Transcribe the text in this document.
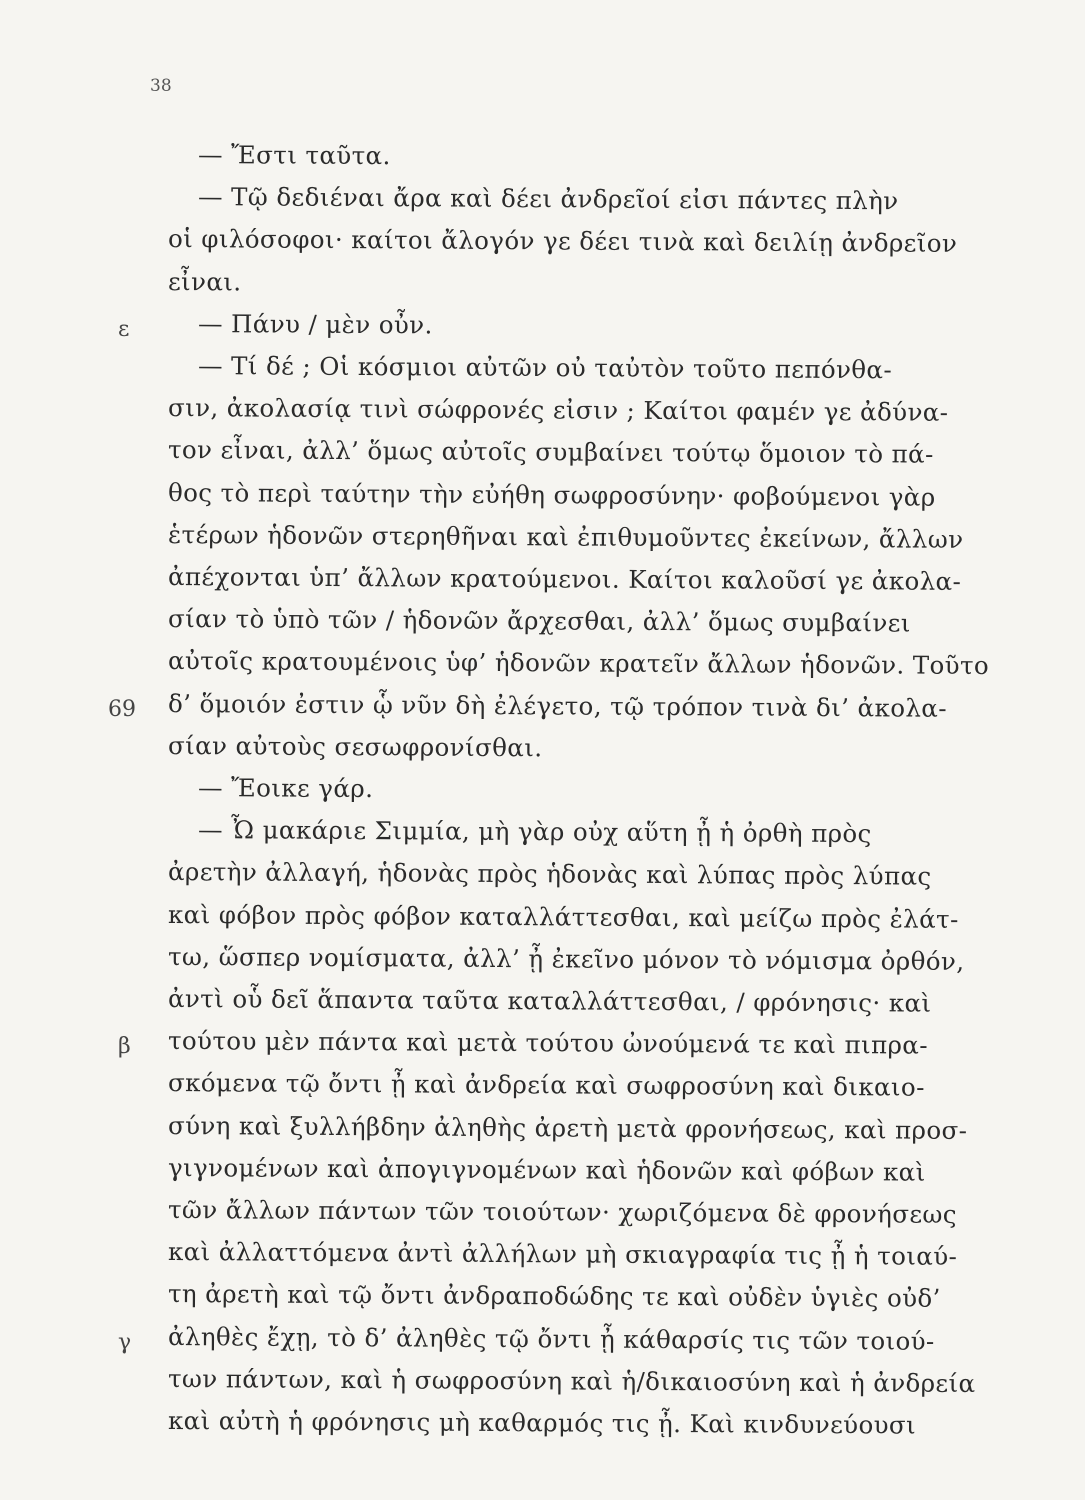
38
— Ἔστι ταῦτα.
— Τῷ δεδιέναι ἄρα καὶ δέει ἀνδρεῖοί εἰσι πάντες πλὴν
οἱ φιλόσοφοι· καίτοι ἄλογόν γε δέει τινὰ καὶ δειλίῃ ἀνδρεῖον
εἶναι.
— Πάνυ / μὲν οὖν.
— Τί δέ ; Οἱ κόσμιοι αὐτῶν οὐ ταὐτὸν τοῦτο πεπόνθα-
σιν, ἀκολασίᾳ τινὶ σώφρονές εἰσιν ; Καίτοι φαμέν γε ἀδύνα-
τον εἶναι, ἀλλ’ ὅμως αὐτοῖς συμβαίνει τούτῳ ὅμοιον τὸ πά-
θος τὸ περὶ ταύτην τὴν εὐήθη σωφροσύνην· φοβούμενοι γὰρ
ἑτέρων ἡδονῶν στερηθῆναι καὶ ἐπιθυμοῦντες ἐκείνων, ἄλλων
ἀπέχονται ὑπ’ ἄλλων κρατούμενοι. Καίτοι καλοῦσί γε ἀκολα-
σίαν τὸ ὑπὸ τῶν / ἡδονῶν ἄρχεσθαι, ἀλλ’ ὅμως συμβαίνει
αὐτοῖς κρατουμένοις ὑφ’ ἡδονῶν κρατεῖν ἄλλων ἡδονῶν. Τοῦτο
δ’ ὅμοιόν ἐστιν ᾧ νῦν δὴ ἐλέγετο, τῷ τρόπον τινὰ δι’ ἀκολα-
σίαν αὐτοὺς σεσωφρονίσθαι.
— Ἔοικε γάρ.
— Ὦ μακάριε Σιμμία, μὴ γὰρ οὐχ αὕτη ᾖ ἡ ὀρθὴ πρὸς
ἀρετὴν ἀλλαγή, ἡδονὰς πρὸς ἡδονὰς καὶ λύπας πρὸς λύπας
καὶ φόβον πρὸς φόβον καταλλάττεσθαι, καὶ μείζω πρὸς ἐλάτ-
τω, ὥσπερ νομίσματα, ἀλλ’ ᾖ ἐκεῖνο μόνον τὸ νόμισμα ὀρθόν,
ἀντὶ οὗ δεῖ ἅπαντα ταῦτα καταλλάττεσθαι, / φρόνησις· καὶ
τούτου μὲν πάντα καὶ μετὰ τούτου ὠνούμενά τε καὶ πιπρα-
σκόμενα τῷ ὄντι ᾖ καὶ ἀνδρεία καὶ σωφροσύνη καὶ δικαιο-
σύνη καὶ ξυλλήβδην ἀληθὴς ἀρετὴ μετὰ φρονήσεως, καὶ προσ-
γιγνομένων καὶ ἀπογιγνομένων καὶ ἡδονῶν καὶ φόβων καὶ
τῶν ἄλλων πάντων τῶν τοιούτων· χωριζόμενα δὲ φρονήσεως
καὶ ἀλλαττόμενα ἀντὶ ἀλλήλων μὴ σκιαγραφία τις ᾖ ἡ τοιαύ-
τη ἀρετὴ καὶ τῷ ὄντι ἀνδραποδώδης τε καὶ οὐδὲν ὑγιὲς οὐδ’
ἀληθὲς ἔχῃ, τὸ δ’ ἀληθὲς τῷ ὄντι ᾖ κάθαρσίς τις τῶν τοιού-
των πάντων, καὶ ἡ σωφροσύνη καὶ ἡ/δικαιοσύνη καὶ ἡ ἀνδρεία
καὶ αὐτὴ ἡ φρόνησις μὴ καθαρμός τις ᾖ. Καὶ κινδυνεύουσι
ε
69
β
γ
